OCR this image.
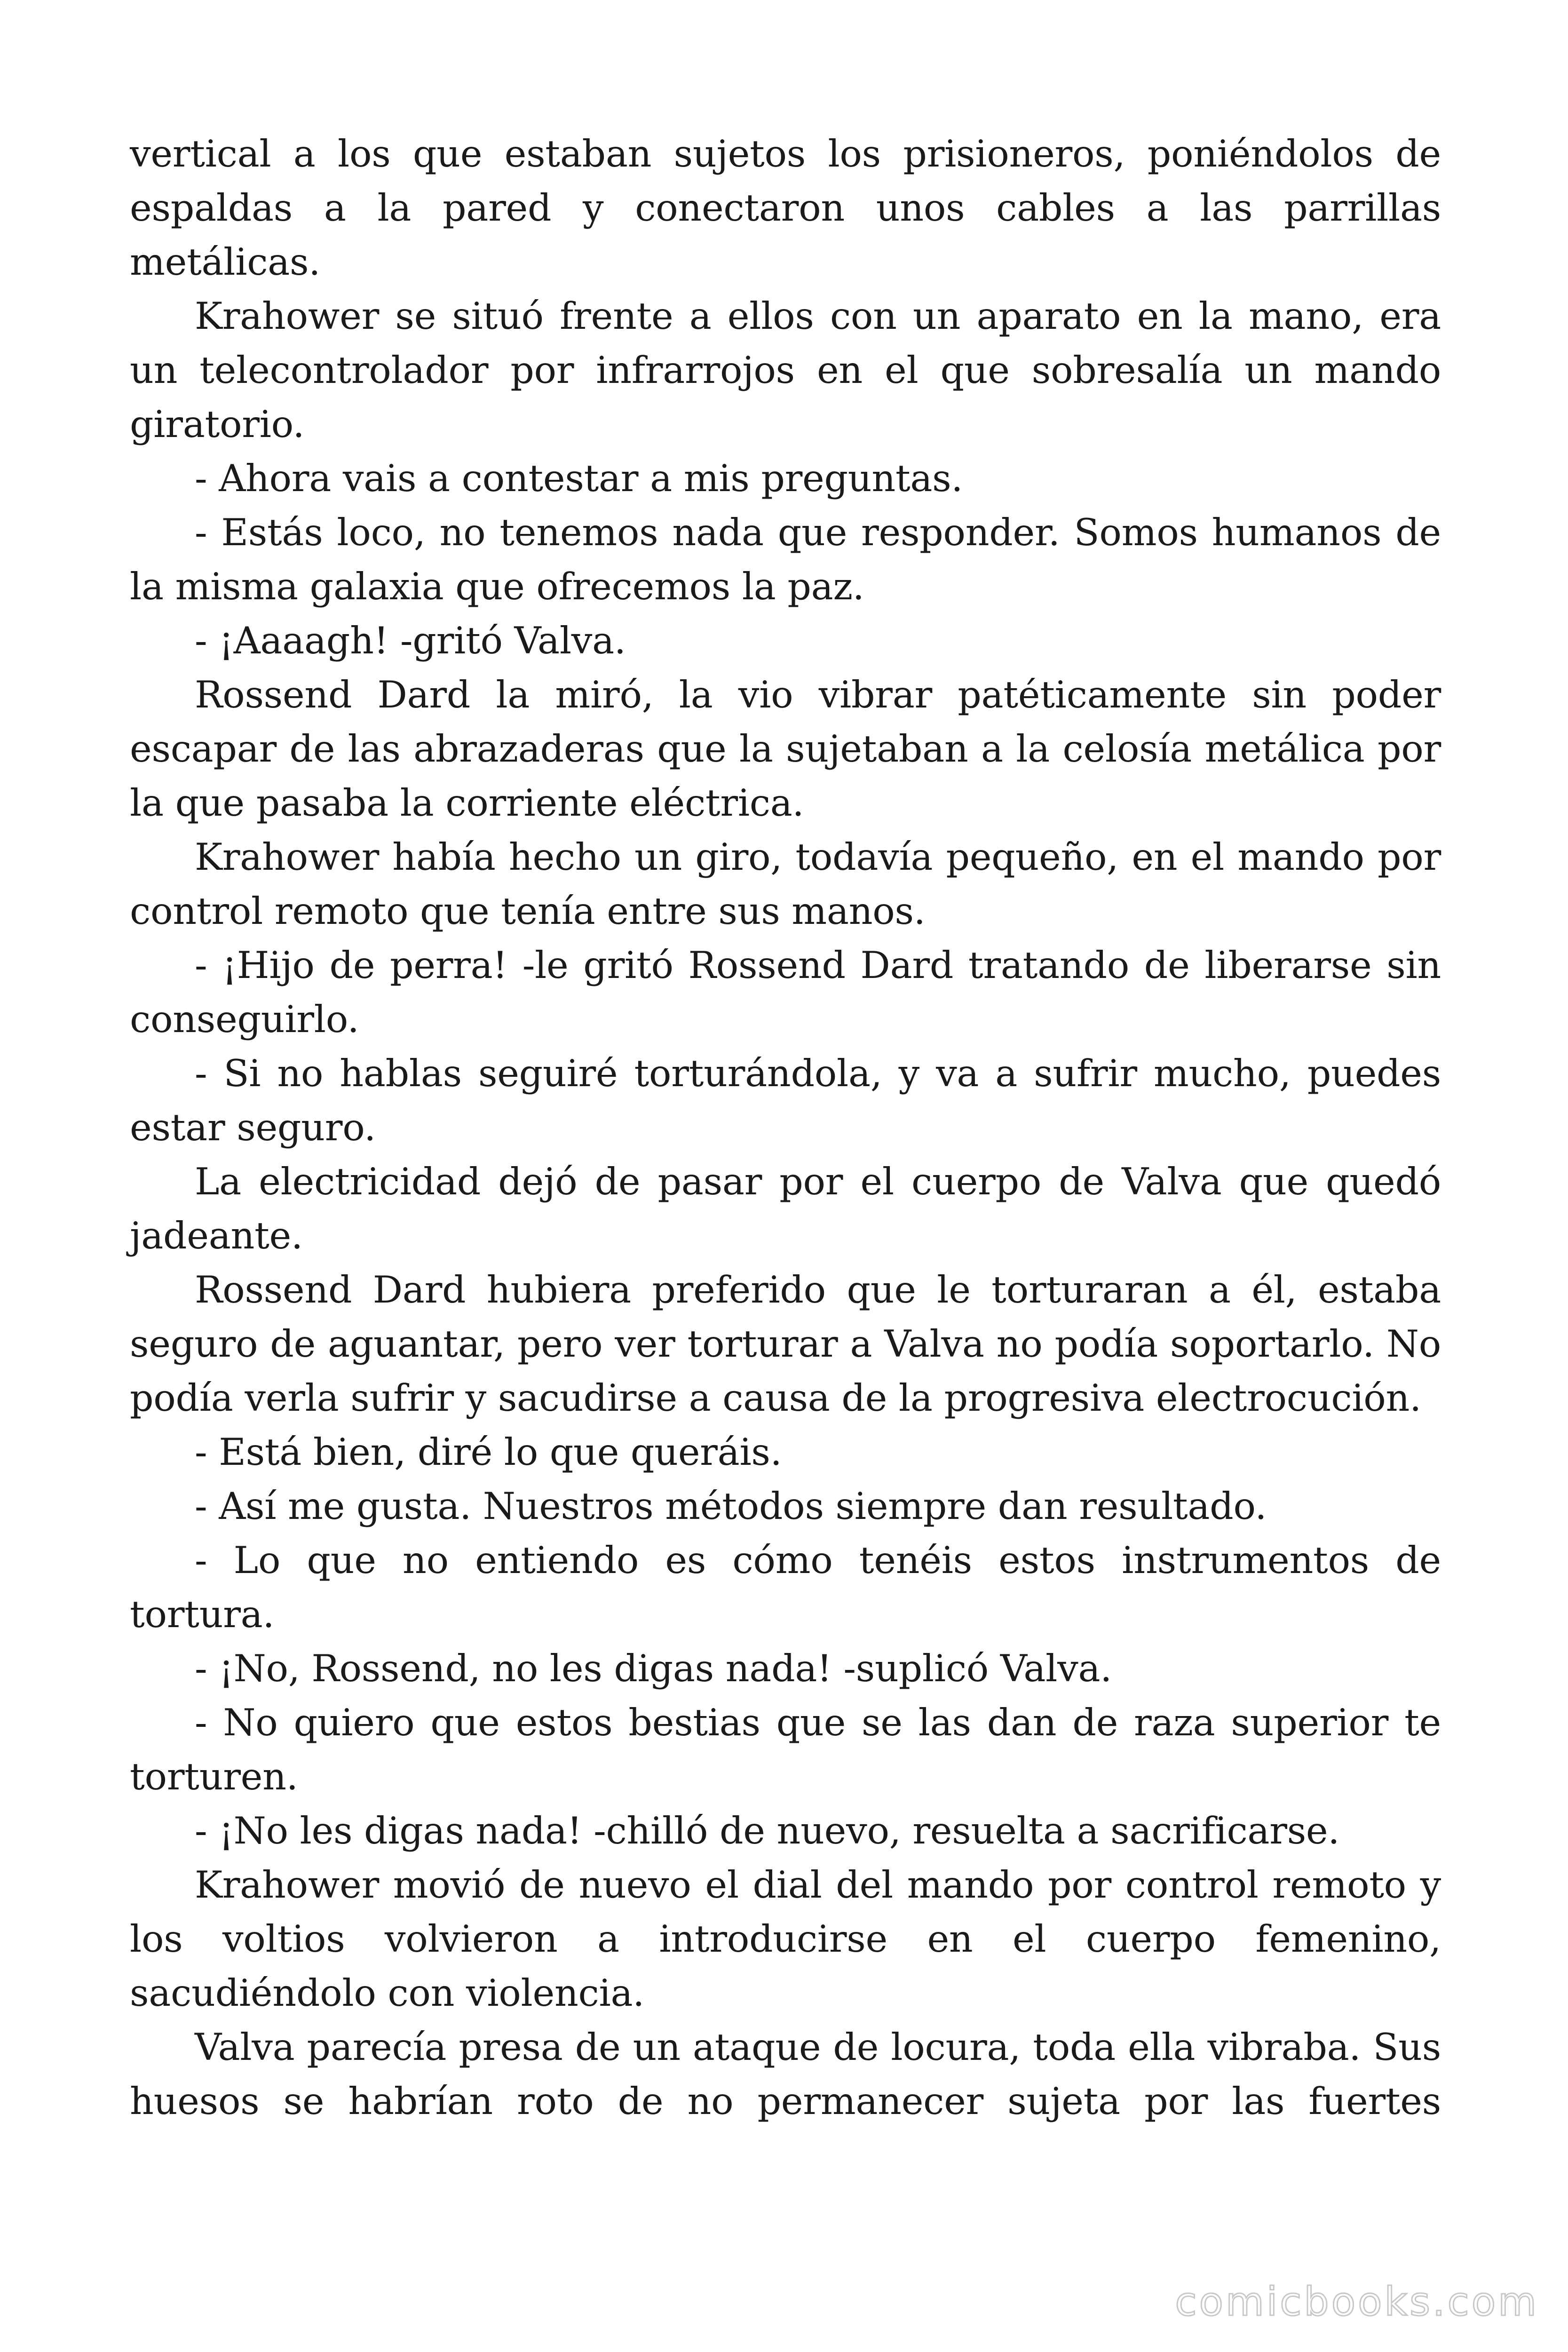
vertical a los que estaban sujetos los prisioneros, poniéndolos de espaldas a la pared y conectaron unos cables a las parrillas metálicas.

Krahower se situó frente a ellos con un aparato en la mano, era un telecontrolador por infrarrojos en el que sobresalía un mando giratorio.

- Ahora vais a contestar a mis preguntas.

- Estás loco, no tenemos nada que responder. Somos humanos de la misma galaxia que ofrecemos la paz.

- ¡Aaaagh! -gritó Valva.

Rossend Dard la miró, la vio vibrar patéticamente sin poder escapar de las abrazaderas que la sujetaban a la celosía metálica por la que pasaba la corriente eléctrica.

Krahower había hecho un giro, todavía pequeño, en el mando por control remoto que tenía entre sus manos.

- ¡Hijo de perra! -le gritó Rossend Dard tratando de liberarse sin conseguirlo.

- Si no hablas seguiré torturándola, y va a sufrir mucho, puedes estar seguro.

La electricidad dejó de pasar por el cuerpo de Valva que quedó jadeante.

Rossend Dard hubiera preferido que le torturaran a él, estaba seguro de aguantar, pero ver torturar a Valva no podía soportarlo. No podía verla sufrir y sacudirse a causa de la progresiva electrocución.

- Está bien, diré lo que queráis.

- Así me gusta. Nuestros métodos siempre dan resultado.

- Lo que no entiendo es cómo tenéis estos instrumentos de tortura.

- ¡No, Rossend, no les digas nada! -suplicó Valva.

- No quiero que estos bestias que se las dan de raza superior te torturen.

- ¡No les digas nada! -chilló de nuevo, resuelta a sacrificarse.

Krahower movió de nuevo el dial del mando por control remoto y los voltios volvieron a introducirse en el cuerpo femenino, sacudiéndolo con violencia.

Valva parecía presa de un ataque de locura, toda ella vibraba. Sus huesos se habrían roto de no permanecer sujeta por las fuertes

comicbooks.com
